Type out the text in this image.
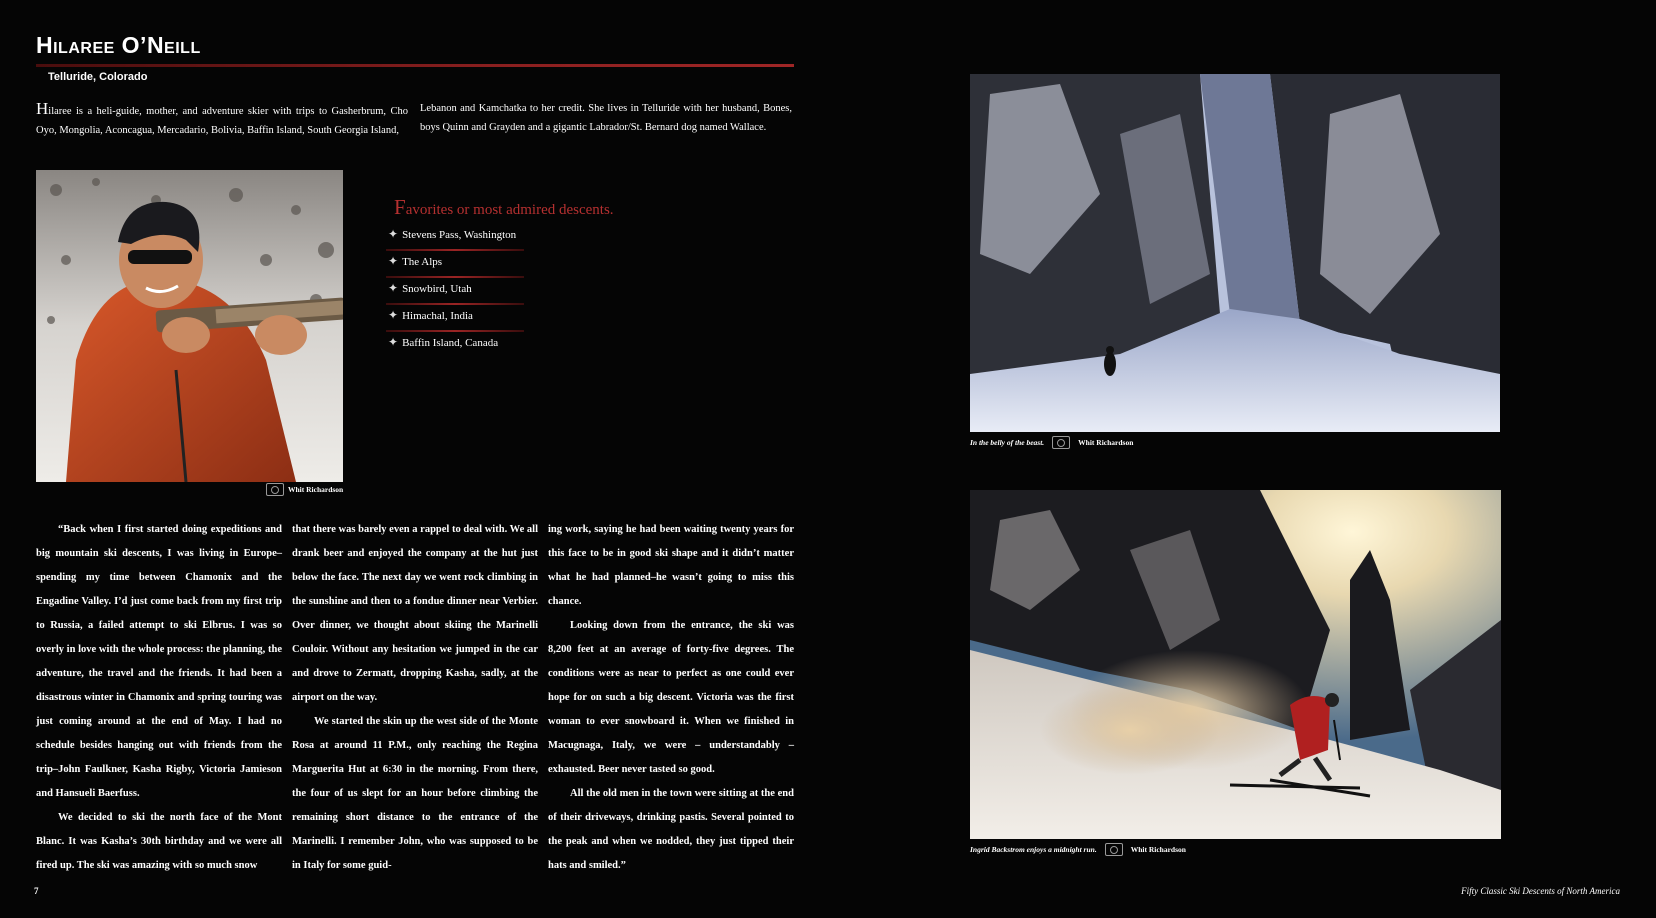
Hilaree O’Neill
Telluride, Colorado
Hilaree is a heli-guide, mother, and adventure skier with trips to Gasherbrum, Cho Oyo, Mongolia, Aconcagua, Mercadario, Bolivia, Baffin Island, South Georgia Island,
Lebanon and Kamchatka to her credit. She lives in Telluride with her husband, Bones, boys Quinn and Grayden and a gigantic Labrador/St. Bernard dog named Wallace.
Whit Richardson
Favorites or most admired descents.
✦ Stevens Pass, Washington
✦ The Alps
✦ Snowbird, Utah
✦ Himachal, India
✦ Baffin Island, Canada

“Back when I first started doing expeditions and big mountain ski descents, I was living in Europe–spending my time between Chamonix and the Engadine Valley. I’d just come back from my first trip to Russia, a failed attempt to ski Elbrus. I was so overly in love with the whole process: the planning, the adventure, the travel and the friends. It had been a disastrous winter in Chamonix and spring touring was just coming around at the end of May. I had no schedule besides hanging out with friends from the trip–John Faulkner, Kasha Rigby, Victoria Jamieson and Hansueli Baerfuss.

We decided to ski the north face of the Mont Blanc. It was Kasha’s 30th birthday and we were all fired up. The ski was amazing with so much snow

that there was barely even a rappel to deal with. We all drank beer and enjoyed the company at the hut just below the face. The next day we went rock climbing in the sunshine and then to a fondue dinner near Verbier. Over dinner, we thought about skiing the Marinelli Couloir. Without any hesitation we jumped in the car and drove to Zermatt, dropping Kasha, sadly, at the airport on the way.

We started the skin up the west side of the Monte Rosa at around 11 P.M., only reaching the Regina Marguerita Hut at 6:30 in the morning. From there, the four of us slept for an hour before climbing the remaining short distance to the entrance of the Marinelli. I remember John, who was supposed to be in Italy for some guid-

ing work, saying he had been waiting twenty years for this face to be in good ski shape and it didn’t matter what he had planned–he wasn’t going to miss this chance.

Looking down from the entrance, the ski was 8,200 feet at an average of forty-five degrees. The conditions were as near to perfect as one could ever hope for on such a big descent. Victoria was the first woman to ever snowboard it. When we finished in Macugnaga, Italy, we were – understandably – exhausted. Beer never tasted so good.

All the old men in the town were sitting at the end of their driveways, drinking pastis. Several pointed to the peak and when we nodded, they just tipped their hats and smiled.”

7
In the belly of the beast.	Whit Richardson
Ingrid Backstrom enjoys a midnight run.	Whit Richardson
Fifty Classic Ski Descents of North America
